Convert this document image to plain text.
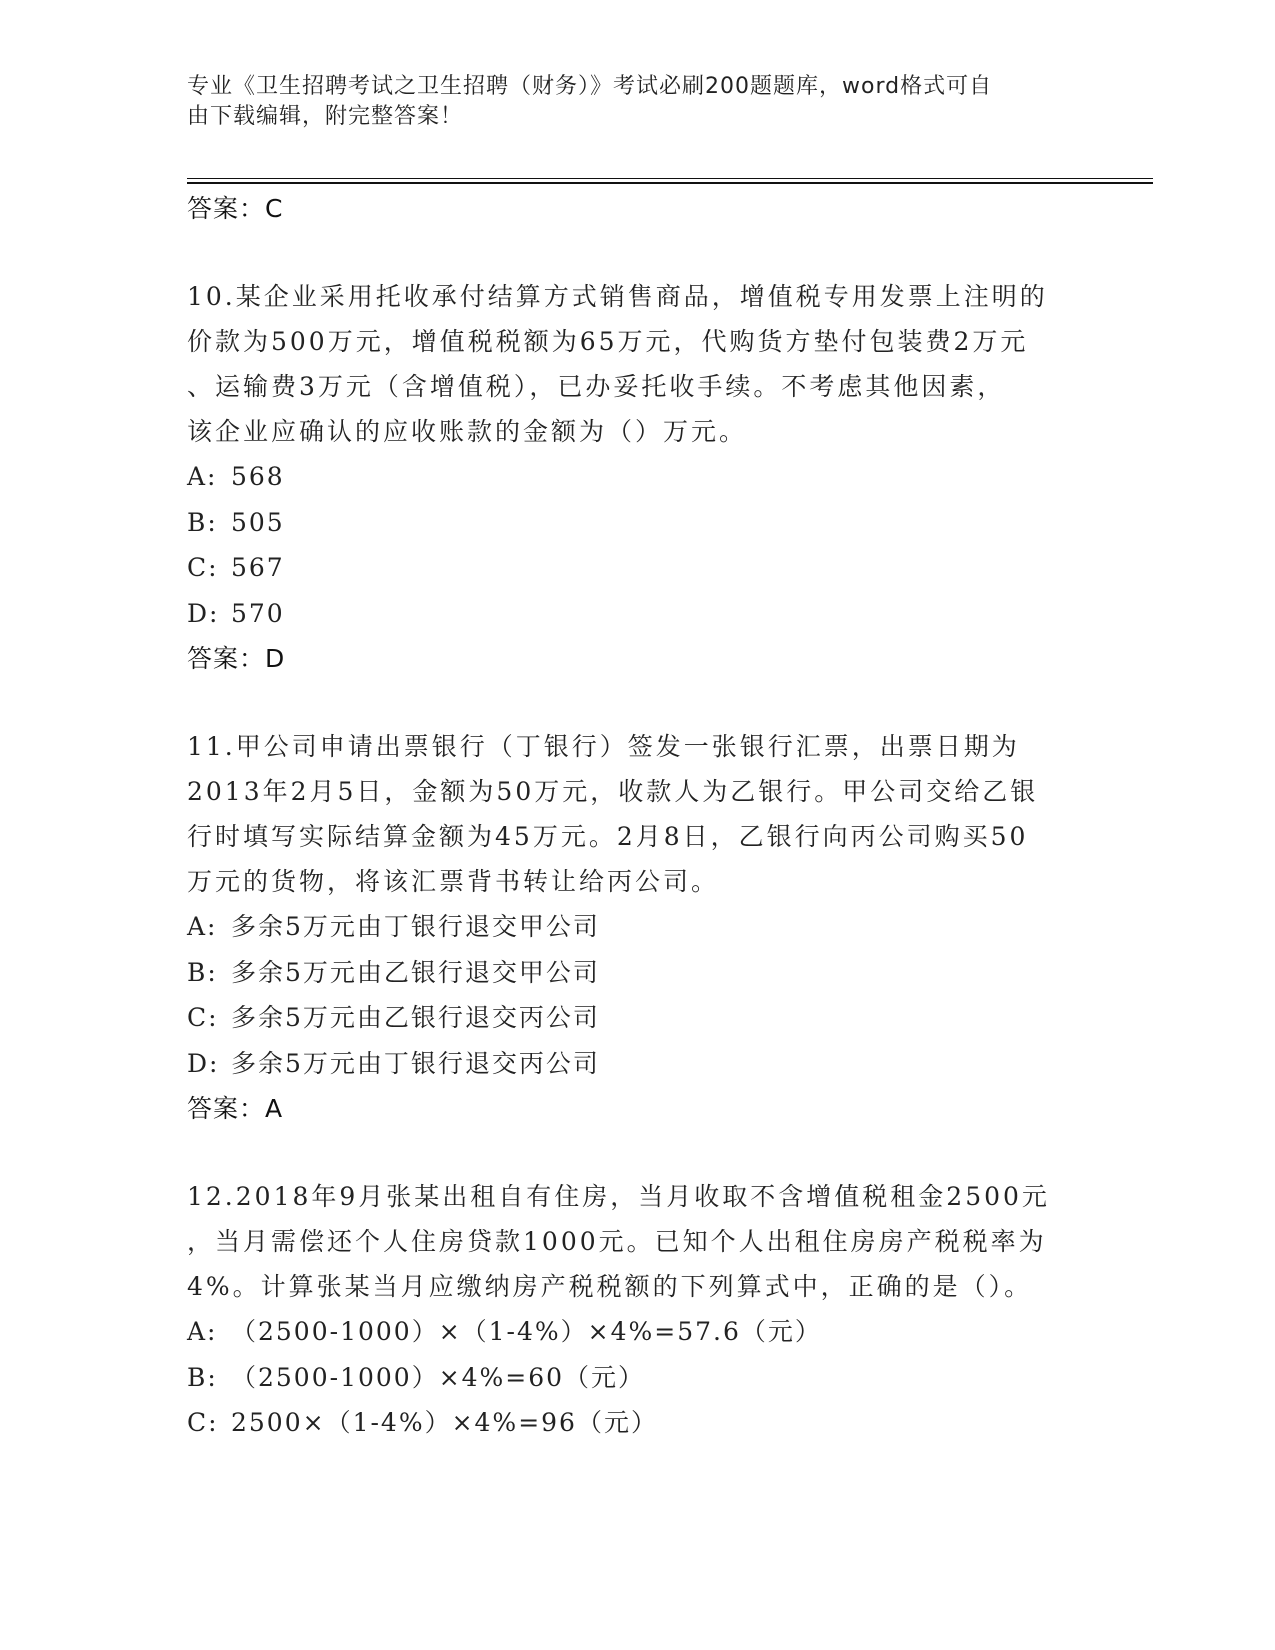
专业《卫生招聘考试之卫生招聘（财务）》考试必刷200题题库，word格式可自
由下载编辑，附完整答案！
答案：C

10.某企业采用托收承付结算方式销售商品，增值税专用发票上注明的
价款为500万元，增值税税额为65万元，代购货方垫付包装费2万元
、运输费3万元（含增值税），已办妥托收手续。不考虑其他因素，
该企业应确认的应收账款的金额为（）万元。

A: 568
B: 505
C: 567
D: 570
答案：D

11.甲公司申请出票银行（丁银行）签发一张银行汇票，出票日期为
2013年2月5日，金额为50万元，收款人为乙银行。甲公司交给乙银
行时填写实际结算金额为45万元。2月8日，乙银行向丙公司购买50
万元的货物，将该汇票背书转让给丙公司。

A: 多余5万元由丁银行退交甲公司
B: 多余5万元由乙银行退交甲公司
C: 多余5万元由乙银行退交丙公司
D: 多余5万元由丁银行退交丙公司
答案：A

12.2018年9月张某出租自有住房，当月收取不含增值税租金2500元
，当月需偿还个人住房贷款1000元。已知个人出租住房房产税税率为
4%。计算张某当月应缴纳房产税税额的下列算式中，正确的是（）。

A: （2500-1000）×（1-4%）×4%=57.6（元）
B: （2500-1000）×4%=60（元）
C: 2500×（1-4%）×4%=96（元）
